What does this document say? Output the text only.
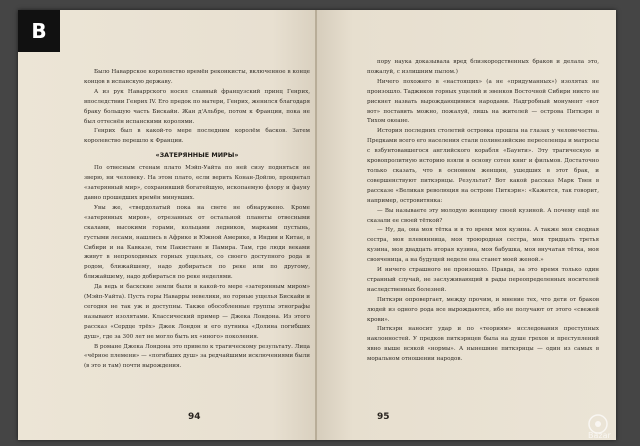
B

Было Наваррское королевство времён реконкисты, включенное в конце концов в испанскую державу.

А из рук Наваррского носил славный французский принц Генрих, впоследствии Генрих IV. Его предок по матери, Генрих, женился благодаря браку большую часть Бискайи. Жан д'Альбре, потом к Франции, пока не был оттеснён испанскими королями.

Генрих был в какой-то мере последним королём басков. Затем королевство перешло к Франции.

«ЗАТЕРЯННЫЕ МИРЫ»

По отвесным стенам плато Мэйп-Уайта по ней сизу подняться не зверю, ни человеку. На этом плато, если верить Конан-Дойлю, процветал «затерянный мир», сохранивший богатейшую, ископаемую флору и фауну давно прошедших времён минувших.

Увы же, «твердолатый пока на свете не обнаружено. Кроме «затерянных миров», отрезанных от остальной планеты отвесными скалами, высокими горами, кольцами ледников, марками пустынь, густыми лесами, нашлись в Африке и Южной Америке, в Индии и Китае, в Сибири и на Кавказе, тем Пакистане и Памира. Там, где люди веками живут в непроходимых горных ущельях, со своего доступного рода и родом, ближайшему, надо добираться по реке или по другому, ближайшему, надо добираться по реке неделями.

Да ведь и баскские земли были в какой-то мере «затерянным миром» (Мэйп-Уайта). Пусть горы Наварры невелики, но горные ущелья Бискайи и сегодня не так уж и доступны. Также обособленные группы этнографы называют изолятами. Классический пример — Джека Лондона. Из этого рассказ «Сердце трёх» Джек Лондон и его путника «Долина погибших душ», где за 300 лет не могло быть их «иного» поколения.

В романе Джека Лондона это привело к трагическому результату. Лица «чёрное племени» — «погибших душ» за редчайшими исключениями были (в это и там) почти вырождения.

94

пору наука доказывала вред близкородственных браков и делала это, пожалуй, с излишним пылом.)

Ничего похожего в «настоящих» (а не «придуманных») изолятах не произошло. Таджиков горных ущелий и эвенков Восточной Сибири никто не рискнет назвать вырождающимися народами. Надгробный монумент «вот вот» поставить можно, пожалуй, лишь на жителей — острова Питкэрн в Тихом океане.

История последних столетий островка прошла на глазах у человечества. Предками всего его населения стали полинезийские переселенцы и матросы с взбунтовавшегося английского корабля «Баунти». Эту трагическую и кровопролитную историю взяли в основу сотен книг и фильмов. Достаточно только сказать, что в основном женщин, ушедших в этот брак, и совершенствуют питкэрнцы. Результат? Вот какой рассказ Марк Твен в рассказе «Великая революция на острове Питкэрн»: «Кажется, так говорит, например, островитянка:

— Вы называете эту молодую женщину своей кузиной. А почему ещё не сказали ее своей тёткой?

— Ну, да, она моя тётка и в то время моя кузина. А также моя сводная сестра, моя племянница, моя троюродная сестра, моя тридцать третья кузина, моя двадцать вторая кузина, моя бабушка, моя внучатая тётка, моя свояченица, а на будущей неделе она станет моей женой.»

И ничего страшного не произошло. Правда, за это время только один странный случай, не заслуживающий в рады переопределенных носителей наследственных болезней.

Питкэрн опровергает, между прочим, и мнение тех, что дети от браков людей из одного рода все вырождаются, ибо не получают от этого «свежей крови».

Питкэрн наносит удар и по «теориям» исследования преступных наклонностей. У предков питкэрнцев была на душе грехов и преступлений явно выше всякой «нормы». А нынешние питкэрнцы — один из самых в моральном отношении народов.

95
Bazar
